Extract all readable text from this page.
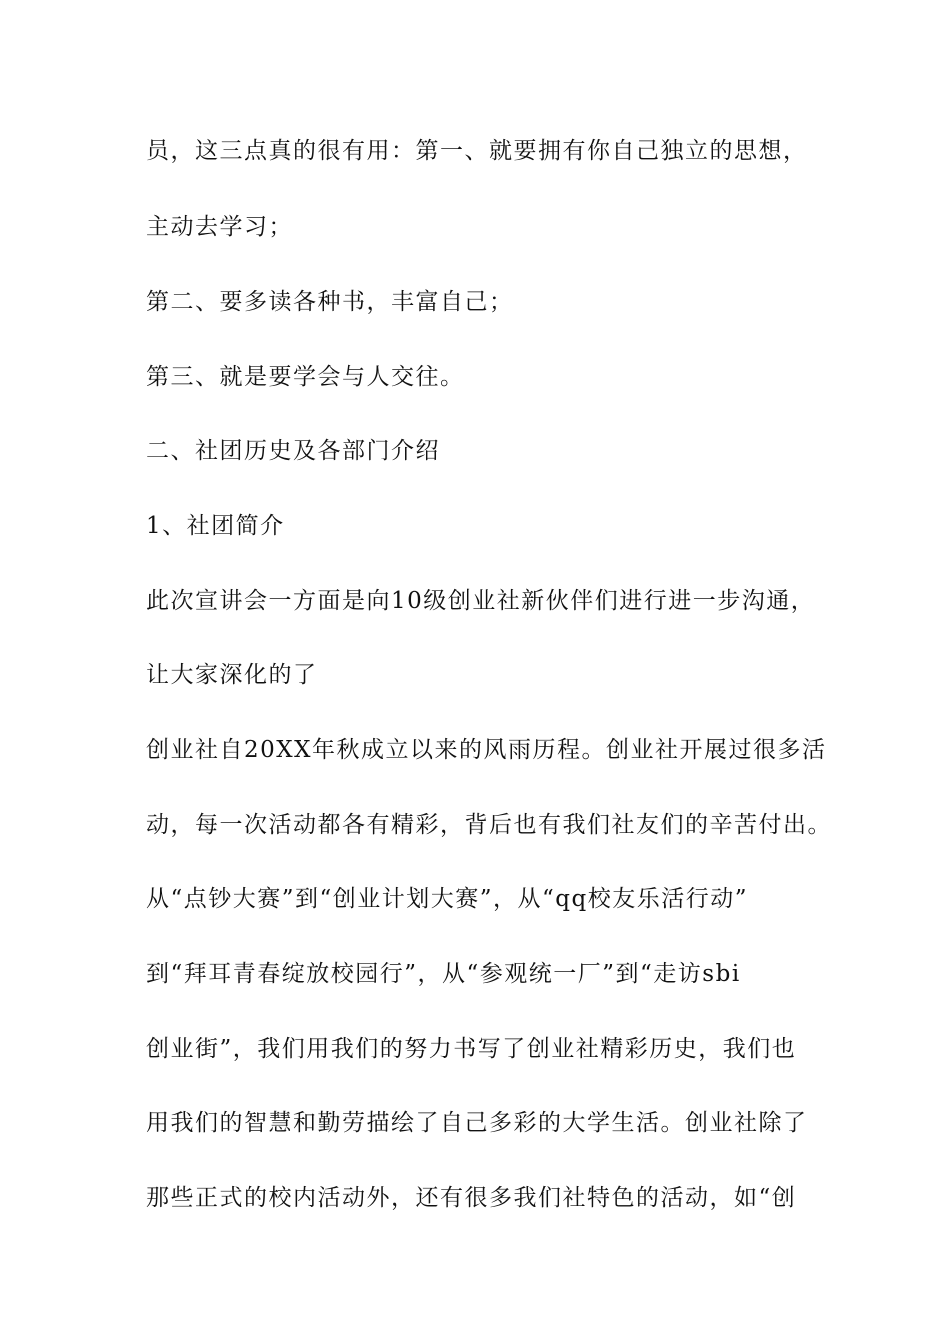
员，这三点真的很有用：第一、就要拥有你自己独立的思想，
主动去学习；
第二、要多读各种书，丰富自己；
第三、就是要学会与人交往。
二、社团历史及各部门介绍
1、社团简介
此次宣讲会一方面是向10级创业社新伙伴们进行进一步沟通，
让大家深化的了
创业社自20XX年秋成立以来的风雨历程。创业社开展过很多活
动，每一次活动都各有精彩，背后也有我们社友们的辛苦付出。
从“点钞大赛”到“创业计划大赛”，从“qq校友乐活行动”
到“拜耳青春绽放校园行”，从“参观统一厂”到“走访sbi
创业街”，我们用我们的努力书写了创业社精彩历史，我们也
用我们的智慧和勤劳描绘了自己多彩的大学生活。创业社除了
那些正式的校内活动外，还有很多我们社特色的活动，如“创
